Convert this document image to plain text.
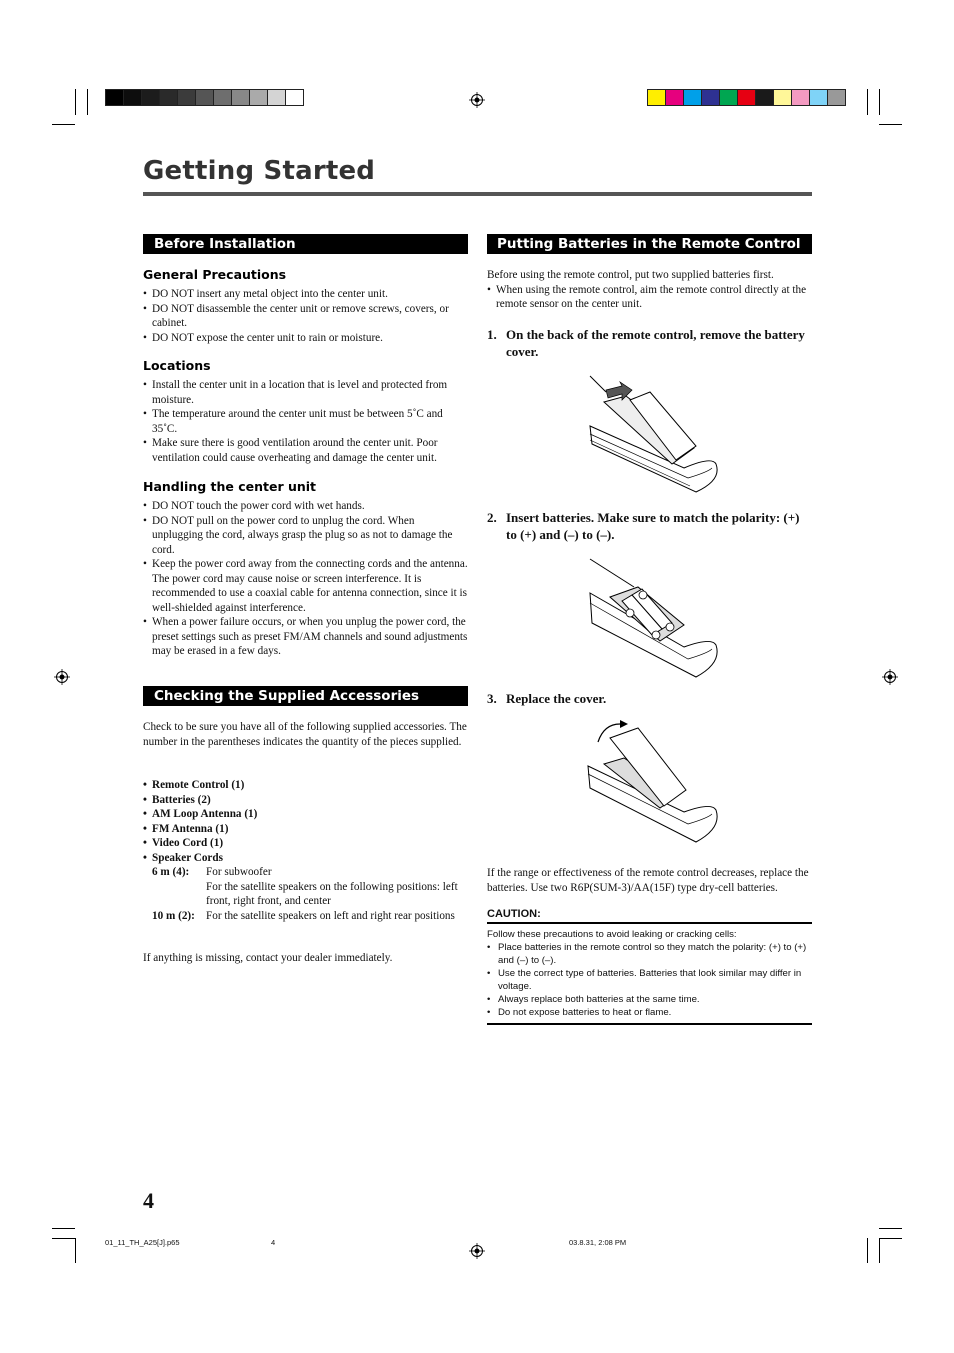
Getting Started
Before Installation
General Precautions
• DO NOT insert any metal object into the center unit.
• DO NOT disassemble the center unit or remove screws, covers, or cabinet.
• DO NOT expose the center unit to rain or moisture.
Locations
• Install the center unit in a location that is level and protected from moisture.
• The temperature around the center unit must be between 5˚C and 35˚C.
• Make sure there is good ventilation around the center unit. Poor ventilation could cause overheating and damage the center unit.
Handling the center unit
• DO NOT touch the power cord with wet hands.
• DO NOT pull on the power cord to unplug the cord. When unplugging the cord, always grasp the plug so as not to damage the cord.
• Keep the power cord away from the connecting cords and the antenna. The power cord may cause noise or screen interference. It is recommended to use a coaxial cable for antenna connection, since it is well-shielded against interference.
• When a power failure occurs, or when you unplug the power cord, the preset settings such as preset FM/AM channels and sound adjustments may be erased in a few days.
Checking the Supplied Accessories
Check to be sure you have all of the following supplied accessories. The number in the parentheses indicates the quantity of the pieces supplied.
• Remote Control (1)
• Batteries (2)
• AM Loop Antenna (1)
• FM Antenna (1)
• Video Cord (1)
• Speaker Cords
6 m (4):	For subwoofer
For the satellite speakers on the following positions: left front, right front, and center
10 m (2): For the satellite speakers on left and right rear positions
If anything is missing, contact your dealer immediately.
Putting Batteries in the Remote Control
Before using the remote control, put two supplied batteries first.
• When using the remote control, aim the remote control directly at the remote sensor on the center unit.
1. On the back of the remote control, remove the battery cover.
2. Insert batteries. Make sure to match the polarity: (+) to (+) and (–) to (–).
3. Replace the cover.
If the range or effectiveness of the remote control decreases, replace the batteries. Use two R6P(SUM-3)/AA(15F) type dry-cell batteries.
CAUTION:
Follow these precautions to avoid leaking or cracking cells:
• Place batteries in the remote control so they match the polarity: (+) to (+) and (–) to (–).
• Use the correct type of batteries. Batteries that look similar may differ in voltage.
• Always replace both batteries at the same time.
• Do not expose batteries to heat or flame.
4
01_11_TH_A25[J].p65	4	03.8.31, 2:08 PM
